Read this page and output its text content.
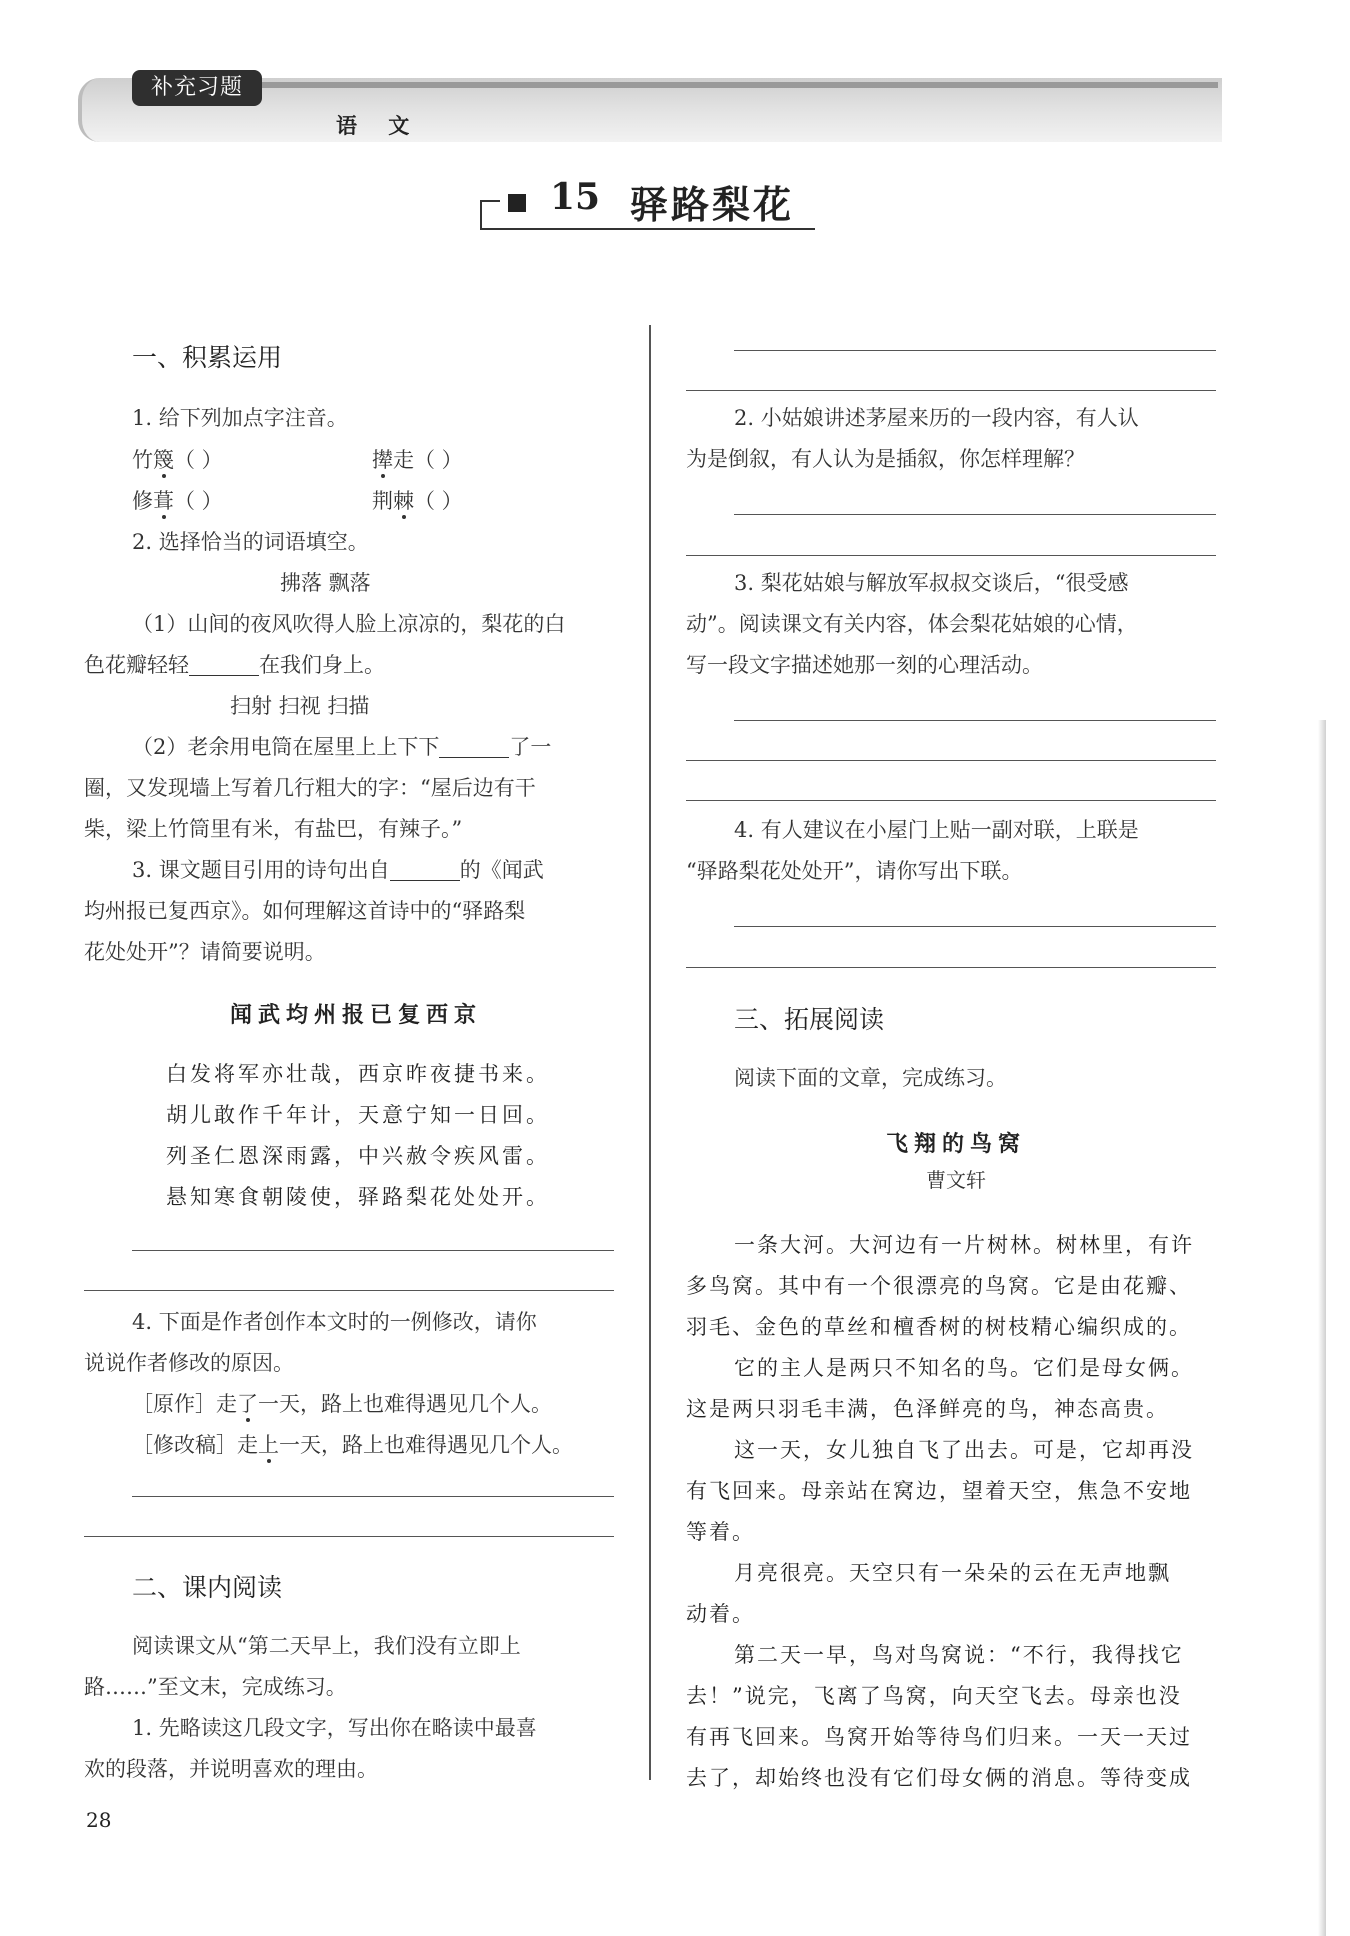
补充习题
语 文
15 驿路梨花
一、积累运用
1. 给下列加点字注音。
竹篾（ ）	撵走（ ）
修葺（ ）	荆棘（ ）
2. 选择恰当的词语填空。
拂落 飘落
（1）山间的夜风吹得人脸上凉凉的，梨花的白
色花瓣轻轻	在我们身上。
扫射 扫视 扫描
（2）老余用电筒在屋里上上下下	了一
圈，又发现墙上写着几行粗大的字：“屋后边有干
柴，梁上竹筒里有米，有盐巴，有辣子。”
3. 课文题目引用的诗句出自	的《闻武
均州报已复西京》。如何理解这首诗中的“驿路梨
花处处开”？请简要说明。
闻武均州报已复西京
白发将军亦壮哉，西京昨夜捷书来。
胡儿敢作千年计，天意宁知一日回。
列圣仁恩深雨露，中兴赦令疾风雷。
悬知寒食朝陵使，驿路梨花处处开。
4. 下面是作者创作本文时的一例修改，请你
说说作者修改的原因。
［原作］走了一天，路上也难得遇见几个人。
［修改稿］走上一天，路上也难得遇见几个人。
二、课内阅读
阅读课文从“第二天早上，我们没有立即上
路……”至文末，完成练习。
1. 先略读这几段文字，写出你在略读中最喜
欢的段落，并说明喜欢的理由。
28
2. 小姑娘讲述茅屋来历的一段内容，有人认
为是倒叙，有人认为是插叙，你怎样理解？
3. 梨花姑娘与解放军叔叔交谈后，“很受感
动”。阅读课文有关内容，体会梨花姑娘的心情，
写一段文字描述她那一刻的心理活动。
4. 有人建议在小屋门上贴一副对联，上联是
“驿路梨花处处开”，请你写出下联。
三、拓展阅读
阅读下面的文章，完成练习。
飞翔的鸟窝
曹文轩
一条大河。大河边有一片树林。树林里，有许
多鸟窝。其中有一个很漂亮的鸟窝。它是由花瓣、
羽毛、金色的草丝和檀香树的树枝精心编织成的。
它的主人是两只不知名的鸟。它们是母女俩。
这是两只羽毛丰满，色泽鲜亮的鸟，神态高贵。
这一天，女儿独自飞了出去。可是，它却再没
有飞回来。母亲站在窝边，望着天空，焦急不安地
等着。
月亮很亮。天空只有一朵朵的云在无声地飘
动着。
第二天一早，鸟对鸟窝说：“不行，我得找它
去！”说完，飞离了鸟窝，向天空飞去。母亲也没
有再飞回来。鸟窝开始等待鸟们归来。一天一天过
去了，却始终也没有它们母女俩的消息。等待变成
